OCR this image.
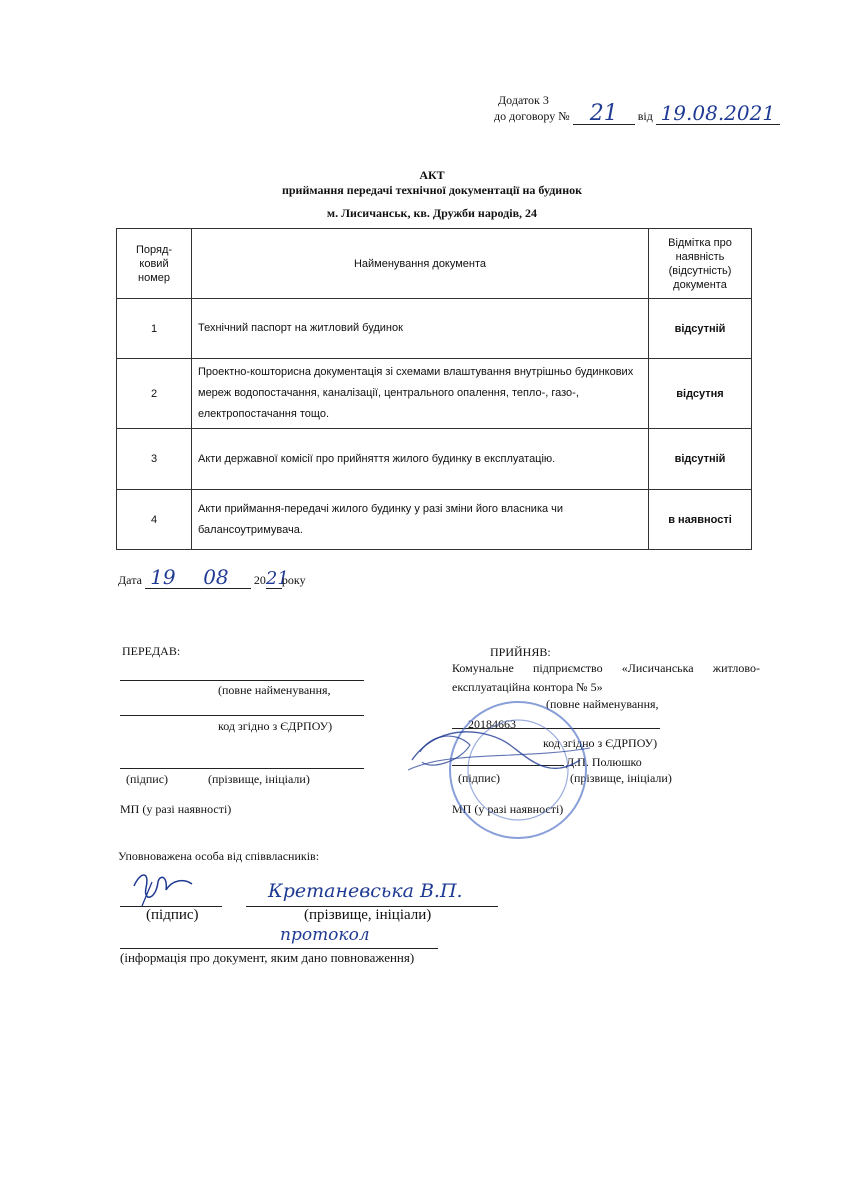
Додаток 3
до договору № 21 від 19.08.2021
АКТ
приймання передачі технічної документації на будинок
м. Лисичанськ, кв. Дружби народів, 24
Поряд-
ковий
номер	Найменування документа	Відмітка про
наявність
(відсутність)
документа
1	Технічний паспорт на житловий будинок	відсутній
2	Проектно-кошторисна документація зі схемами влаштування внутрішньо будинкових мереж водопостачання, каналізації, центрального опалення, тепло-, газо-, електропостачання тощо.	відсутня
3	Акти державної комісії про прийняття жилого будинку в експлуатацію.	відсутній
4	Акти приймання-передачі жилого будинку у разі зміни його власника чи балансоутримувача.	в наявності
Дата 19 08 2021року
ПЕРЕДАВ:
(повне найменування,
код згідно з ЄДРПОУ)
(підпис)	(прізвище, ініціали)
МП (у разі наявності)
ПРИЙНЯВ:
Комунальне підприємство «Лисичанська житлово-
експлуатаційна контора № 5»
(повне найменування,
20184663
код згідно з ЄДРПОУ)
Д.П. Полюшко
(підпис)	(прізвище, ініціали)
МП (у разі наявності)
Уповноважена особа від співвласників:
Кретаневська В.П.
(підпис)	(прізвище, ініціали)
протокол
(інформація про документ, яким дано повноваження)
